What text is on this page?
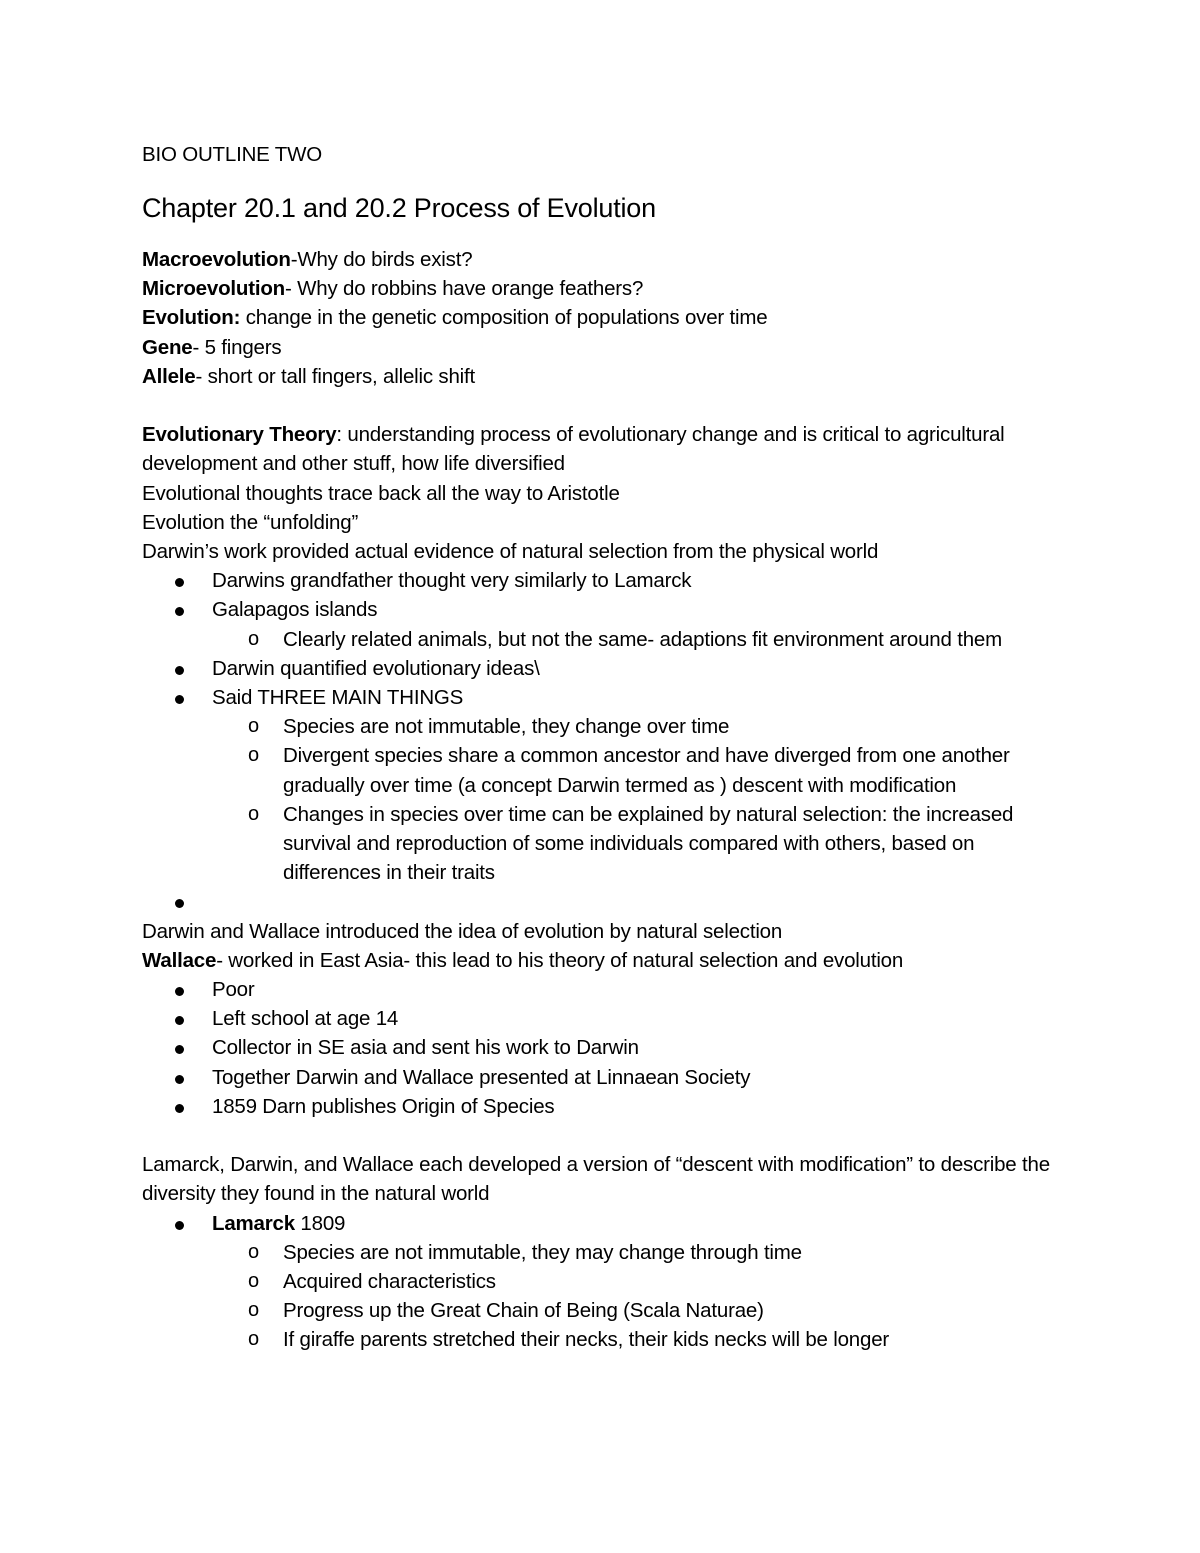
BIO OUTLINE TWO
Chapter 20.1 and 20.2 Process of Evolution
Macroevolution-Why do birds exist?
Microevolution- Why do robbins have orange feathers?
Evolution: change in the genetic composition of populations over time
Gene- 5 fingers
Allele- short or tall fingers, allelic shift
Evolutionary Theory: understanding process of evolutionary change and is critical to agricultural development and other stuff, how life diversified
Evolutional thoughts trace back all the way to Aristotle
Evolution the “unfolding”
Darwin’s work provided actual evidence of natural selection from the physical world
Darwins grandfather thought very similarly to Lamarck
Galapagos islands
o Clearly related animals, but not the same- adaptions fit environment around them
Darwin quantified evolutionary ideas\
Said THREE MAIN THINGS
o Species are not immutable, they change over time
o Divergent species share a common ancestor and have diverged from one another gradually over time (a concept Darwin termed as ) descent with modification
o Changes in species over time can be explained by natural selection: the increased survival and reproduction of some individuals compared with others, based on differences in their traits

Darwin and Wallace introduced the idea of evolution by natural selection
Wallace- worked in East Asia- this lead to his theory of natural selection and evolution
Poor
Left school at age 14
Collector in SE asia and sent his work to Darwin
Together Darwin and Wallace presented at Linnaean Society
1859 Darn publishes Origin of Species
Lamarck, Darwin, and Wallace each developed a version of “descent with modification” to describe the diversity they found in the natural world
Lamarck 1809
o Species are not immutable, they may change through time
o Acquired characteristics
o Progress up the Great Chain of Being (Scala Naturae)
o If giraffe parents stretched their necks, their kids necks will be longer
